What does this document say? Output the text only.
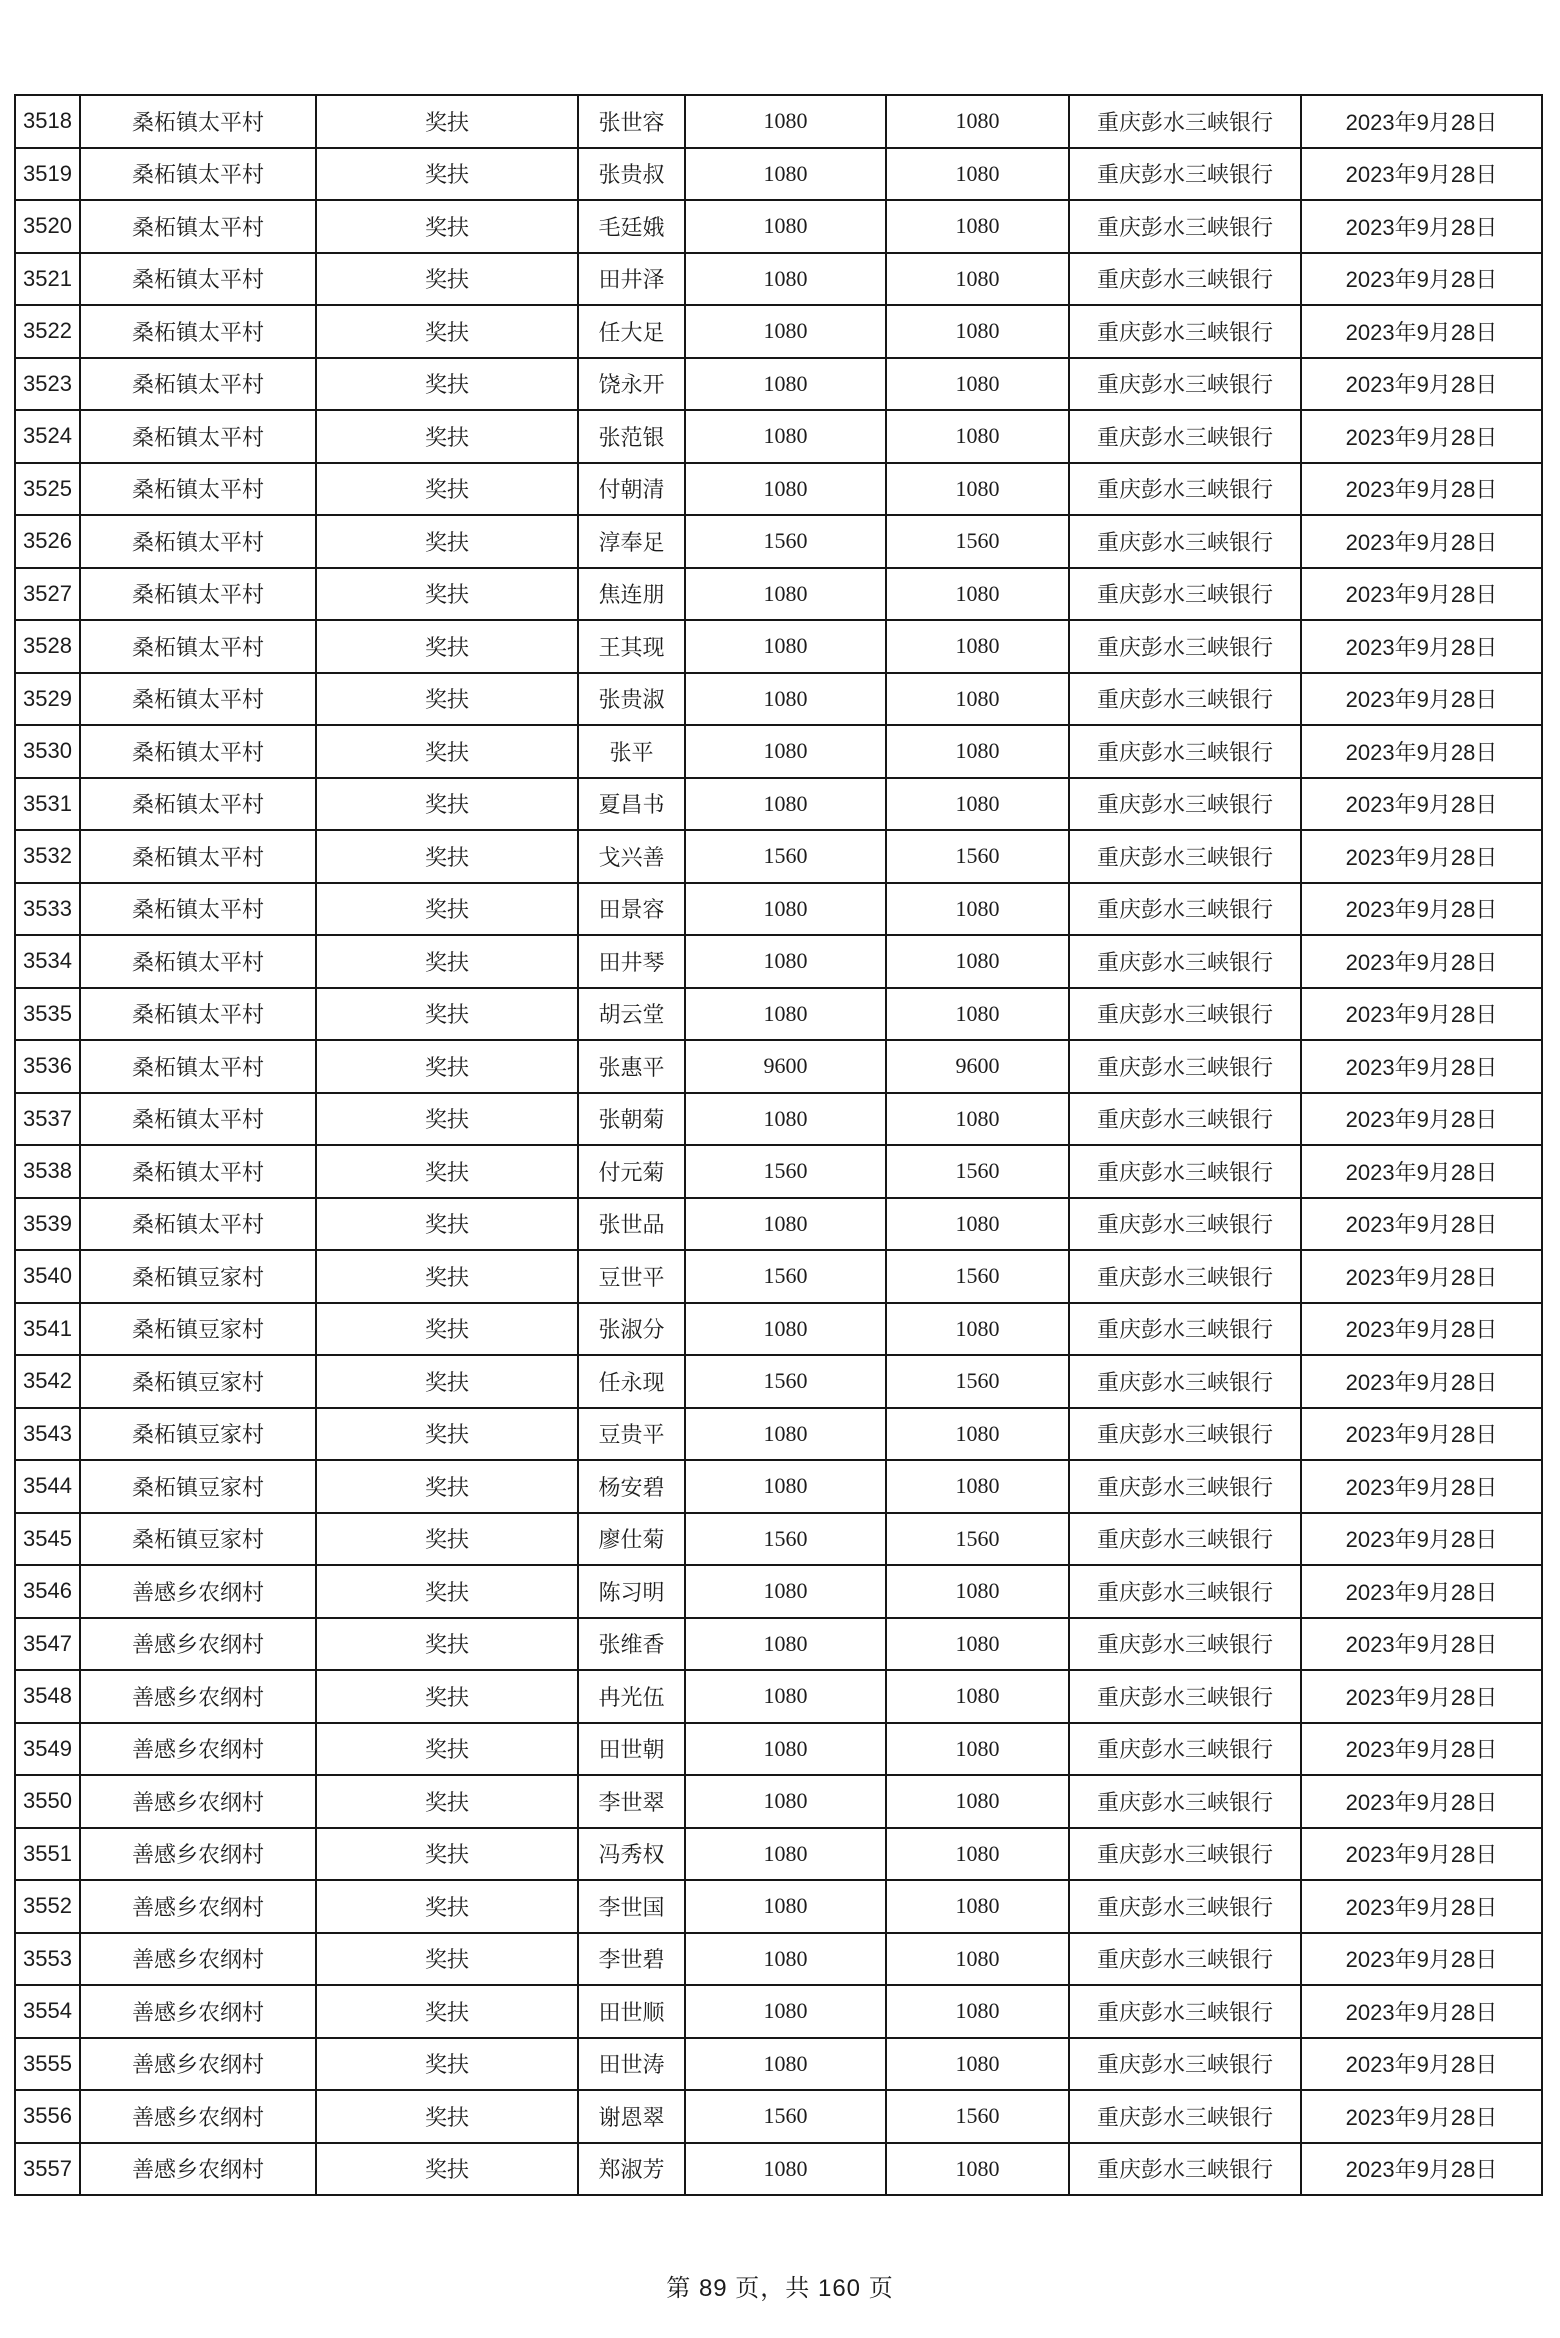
3518	桑柘镇太平村	奖扶	张世容	1080	1080	重庆彭水三峡银行	2023年9月28日
3519	桑柘镇太平村	奖扶	张贵叔	1080	1080	重庆彭水三峡银行	2023年9月28日
3520	桑柘镇太平村	奖扶	毛廷娥	1080	1080	重庆彭水三峡银行	2023年9月28日
3521	桑柘镇太平村	奖扶	田井泽	1080	1080	重庆彭水三峡银行	2023年9月28日
3522	桑柘镇太平村	奖扶	任大足	1080	1080	重庆彭水三峡银行	2023年9月28日
3523	桑柘镇太平村	奖扶	饶永开	1080	1080	重庆彭水三峡银行	2023年9月28日
3524	桑柘镇太平村	奖扶	张范银	1080	1080	重庆彭水三峡银行	2023年9月28日
3525	桑柘镇太平村	奖扶	付朝清	1080	1080	重庆彭水三峡银行	2023年9月28日
3526	桑柘镇太平村	奖扶	淳奉足	1560	1560	重庆彭水三峡银行	2023年9月28日
3527	桑柘镇太平村	奖扶	焦连朋	1080	1080	重庆彭水三峡银行	2023年9月28日
3528	桑柘镇太平村	奖扶	王其现	1080	1080	重庆彭水三峡银行	2023年9月28日
3529	桑柘镇太平村	奖扶	张贵淑	1080	1080	重庆彭水三峡银行	2023年9月28日
3530	桑柘镇太平村	奖扶	张平	1080	1080	重庆彭水三峡银行	2023年9月28日
3531	桑柘镇太平村	奖扶	夏昌书	1080	1080	重庆彭水三峡银行	2023年9月28日
3532	桑柘镇太平村	奖扶	戈兴善	1560	1560	重庆彭水三峡银行	2023年9月28日
3533	桑柘镇太平村	奖扶	田景容	1080	1080	重庆彭水三峡银行	2023年9月28日
3534	桑柘镇太平村	奖扶	田井琴	1080	1080	重庆彭水三峡银行	2023年9月28日
3535	桑柘镇太平村	奖扶	胡云堂	1080	1080	重庆彭水三峡银行	2023年9月28日
3536	桑柘镇太平村	奖扶	张惠平	9600	9600	重庆彭水三峡银行	2023年9月28日
3537	桑柘镇太平村	奖扶	张朝菊	1080	1080	重庆彭水三峡银行	2023年9月28日
3538	桑柘镇太平村	奖扶	付元菊	1560	1560	重庆彭水三峡银行	2023年9月28日
3539	桑柘镇太平村	奖扶	张世品	1080	1080	重庆彭水三峡银行	2023年9月28日
3540	桑柘镇豆家村	奖扶	豆世平	1560	1560	重庆彭水三峡银行	2023年9月28日
3541	桑柘镇豆家村	奖扶	张淑分	1080	1080	重庆彭水三峡银行	2023年9月28日
3542	桑柘镇豆家村	奖扶	任永现	1560	1560	重庆彭水三峡银行	2023年9月28日
3543	桑柘镇豆家村	奖扶	豆贵平	1080	1080	重庆彭水三峡银行	2023年9月28日
3544	桑柘镇豆家村	奖扶	杨安碧	1080	1080	重庆彭水三峡银行	2023年9月28日
3545	桑柘镇豆家村	奖扶	廖仕菊	1560	1560	重庆彭水三峡银行	2023年9月28日
3546	善感乡农纲村	奖扶	陈习明	1080	1080	重庆彭水三峡银行	2023年9月28日
3547	善感乡农纲村	奖扶	张维香	1080	1080	重庆彭水三峡银行	2023年9月28日
3548	善感乡农纲村	奖扶	冉光伍	1080	1080	重庆彭水三峡银行	2023年9月28日
3549	善感乡农纲村	奖扶	田世朝	1080	1080	重庆彭水三峡银行	2023年9月28日
3550	善感乡农纲村	奖扶	李世翠	1080	1080	重庆彭水三峡银行	2023年9月28日
3551	善感乡农纲村	奖扶	冯秀权	1080	1080	重庆彭水三峡银行	2023年9月28日
3552	善感乡农纲村	奖扶	李世国	1080	1080	重庆彭水三峡银行	2023年9月28日
3553	善感乡农纲村	奖扶	李世碧	1080	1080	重庆彭水三峡银行	2023年9月28日
3554	善感乡农纲村	奖扶	田世顺	1080	1080	重庆彭水三峡银行	2023年9月28日
3555	善感乡农纲村	奖扶	田世涛	1080	1080	重庆彭水三峡银行	2023年9月28日
3556	善感乡农纲村	奖扶	谢恩翠	1560	1560	重庆彭水三峡银行	2023年9月28日
3557	善感乡农纲村	奖扶	郑淑芳	1080	1080	重庆彭水三峡银行	2023年9月28日
第 89 页，共 160 页
